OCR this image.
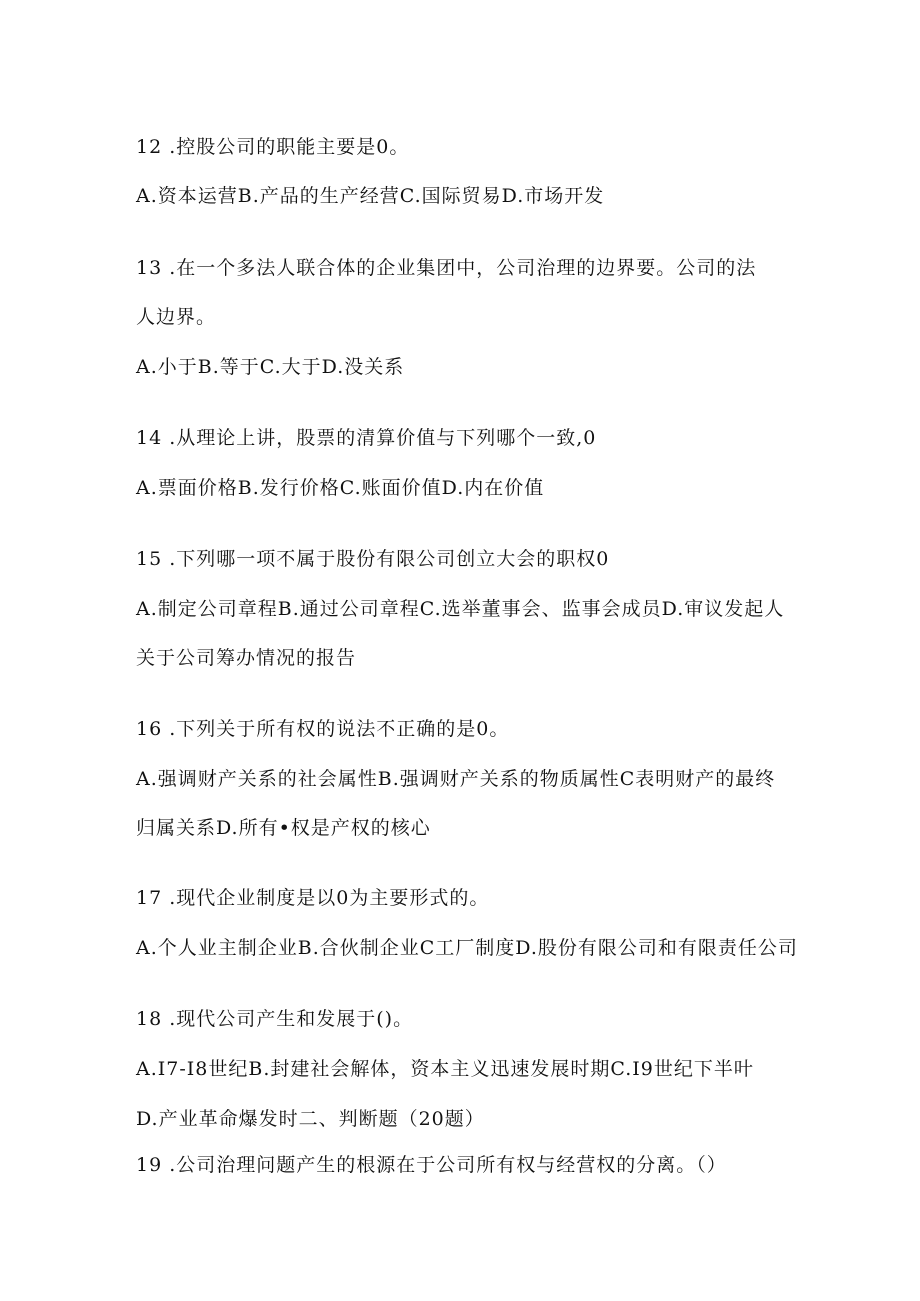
12 .控股公司的职能主要是0。
A.资本运营B.产品的生产经营C.国际贸易D.市场开发
13 .在一个多法人联合体的企业集团中，公司治理的边界要。公司的法
人边界。
A.小于B.等于C.大于D.没关系
14 .从理论上讲，股票的清算价值与下列哪个一致,0
A.票面价格B.发行价格C.账面价值D.内在价值
15 .下列哪一项不属于股份有限公司创立大会的职权0
A.制定公司章程B.通过公司章程C.选举董事会、监事会成员D.审议发起人
关于公司筹办情况的报告
16 .下列关于所有权的说法不正确的是0。
A.强调财产关系的社会属性B.强调财产关系的物质属性C表明财产的最终
归属关系D.所有•权是产权的核心
17 .现代企业制度是以0为主要形式的。
A.个人业主制企业B.合伙制企业C工厂制度D.股份有限公司和有限责任公司
18 .现代公司产生和发展于()。
A.I7-I8世纪B.封建社会解体，资本主义迅速发展时期C.I9世纪下半叶
D.产业革命爆发时二、判断题（20题）
19 .公司治理问题产生的根源在于公司所有权与经营权的分离。（）
